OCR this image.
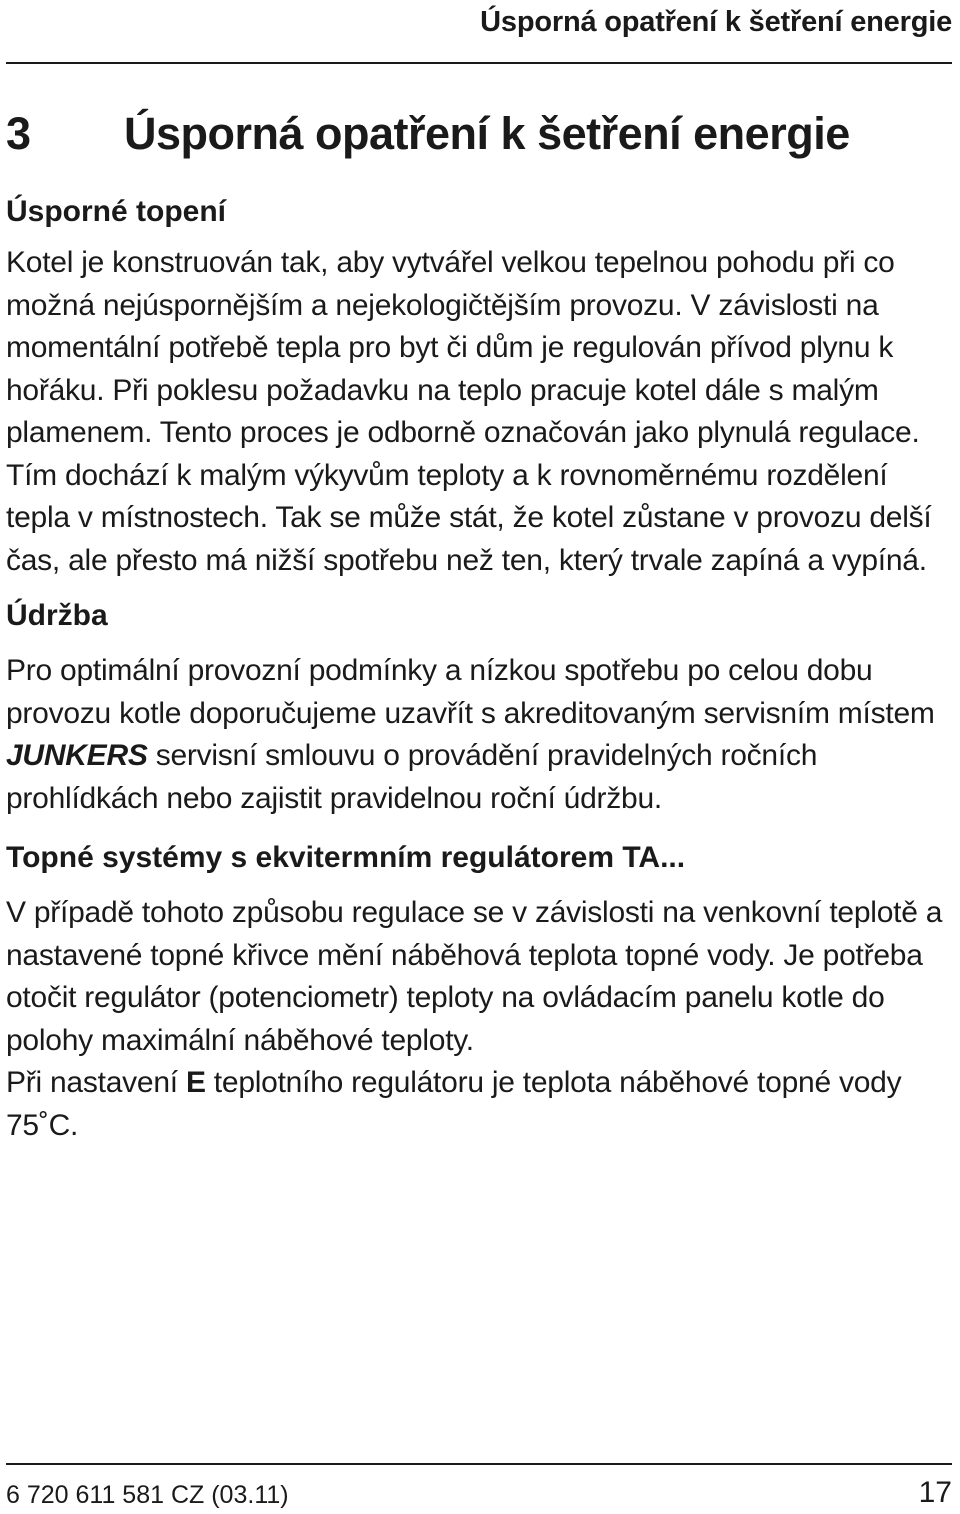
Úsporná opatření k šetření energie
3 Úsporná opatření k šetření energie
Úsporné topení

Kotel je konstruován tak, aby vytvářel velkou tepelnou pohodu při co možná nejúspornějším a nejekologičtějším provozu. V závislosti na momentální potřebě tepla pro byt či dům je regulován přívod plynu k hořáku. Při poklesu požadavku na teplo pracuje kotel dále s malým plamenem. Tento proces je odborně označován jako plynulá regulace. Tím dochází k malým výkyvům teploty a k rovnoměrnému rozdělení tepla v místnostech. Tak se může stát, že kotel zůstane v provozu delší čas, ale přesto má nižší spotřebu než ten, který trvale zapíná a vypíná.

Údržba

Pro optimální provozní podmínky a nízkou spotřebu po celou dobu provozu kotle doporučujeme uzavřít s akreditovaným servisním místem JUNKERS servisní smlouvu o provádění pravidelných ročních prohlídkách nebo zajistit pravidelnou roční údržbu.

Topné systémy s ekvitermním regulátorem TA...

V případě tohoto způsobu regulace se v závislosti na venkovní teplotě a nastavené topné křivce mění náběhová teplota topné vody. Je potřeba otočit regulátor (potenciometr) teploty na ovládacím panelu kotle do polohy maximální náběhové teploty.

Při nastavení E teplotního regulátoru je teplota náběhové topné vody 75˚C.

6 720 611 581 CZ (03.11)	17
